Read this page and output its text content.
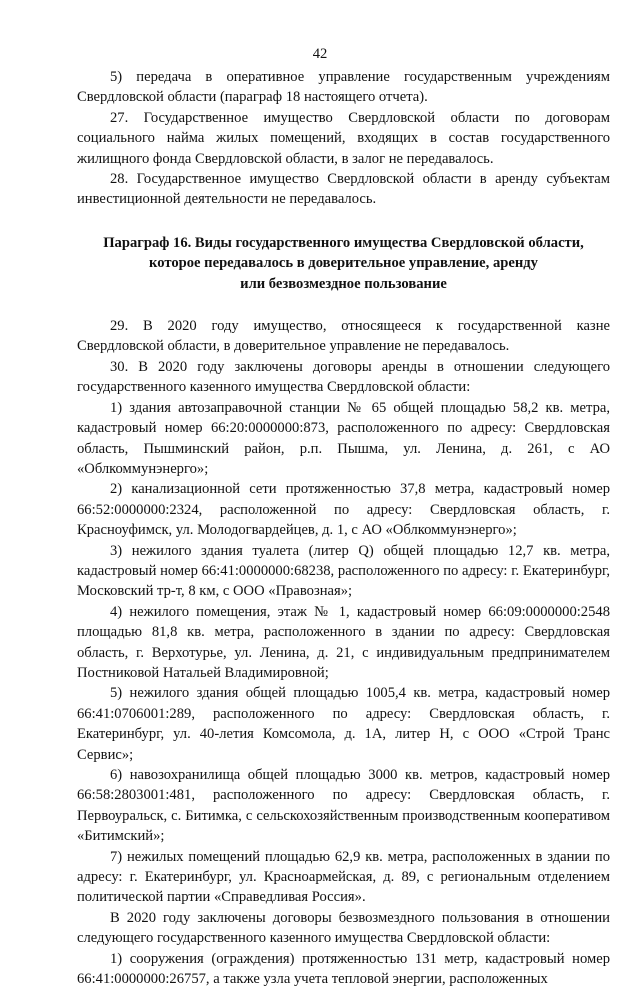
42

5) передача в оперативное управление государственным учреждениям Свердловской области (параграф 18 настоящего отчета).

27. Государственное имущество Свердловской области по договорам социального найма жилых помещений, входящих в состав государственного жилищного фонда Свердловской области, в залог не передавалось.

28. Государственное имущество Свердловской области в аренду субъектам инвестиционной деятельности не передавалось.

Параграф 16. Виды государственного имущества Свердловской области,
которое передавалось в доверительное управление, аренду
или безвозмездное пользование

29. В 2020 году имущество, относящееся к государственной казне Свердловской области, в доверительное управление не передавалось.

30. В 2020 году заключены договоры аренды в отношении следующего государственного казенного имущества Свердловской области:

1) здания автозаправочной станции № 65 общей площадью 58,2 кв. метра, кадастровый номер 66:20:0000000:873, расположенного по адресу: Свердловская область, Пышминский район, р.п. Пышма, ул. Ленина, д. 261, с АО «Облкоммунэнерго»;

2) канализационной сети протяженностью 37,8 метра, кадастровый номер 66:52:0000000:2324, расположенной по адресу: Свердловская область, г. Красноуфимск, ул. Молодогвардейцев, д. 1, с АО «Облкоммунэнерго»;

3) нежилого здания туалета (литер Q) общей площадью 12,7 кв. метра, кадастровый номер 66:41:0000000:68238, расположенного по адресу: г. Екатеринбург, Московский тр-т, 8 км, с ООО «Правозная»;

4) нежилого помещения, этаж № 1, кадастровый номер 66:09:0000000:2548 площадью 81,8 кв. метра, расположенного в здании по адресу: Свердловская область, г. Верхотурье, ул. Ленина, д. 21, с индивидуальным предпринимателем Постниковой Натальей Владимировной;

5) нежилого здания общей площадью 1005,4 кв. метра, кадастровый номер 66:41:0706001:289, расположенного по адресу: Свердловская область, г. Екатеринбург, ул. 40-летия Комсомола, д. 1А, литер Н, с ООО «Строй Транс Сервис»;

6) навозохранилища общей площадью 3000 кв. метров, кадастровый номер 66:58:2803001:481, расположенного по адресу: Свердловская область, г. Первоуральск, с. Битимка, с сельскохозяйственным производственным кооперативом «Битимский»;

7) нежилых помещений площадью 62,9 кв. метра, расположенных в здании по адресу: г. Екатеринбург, ул. Красноармейская, д. 89, с региональным отделением политической партии «Справедливая Россия».

В 2020 году заключены договоры безвозмездного пользования в отношении следующего государственного казенного имущества Свердловской области:

1) сооружения (ограждения) протяженностью 131 метр, кадастровый номер 66:41:0000000:26757, а также узла учета тепловой энергии, расположенных
